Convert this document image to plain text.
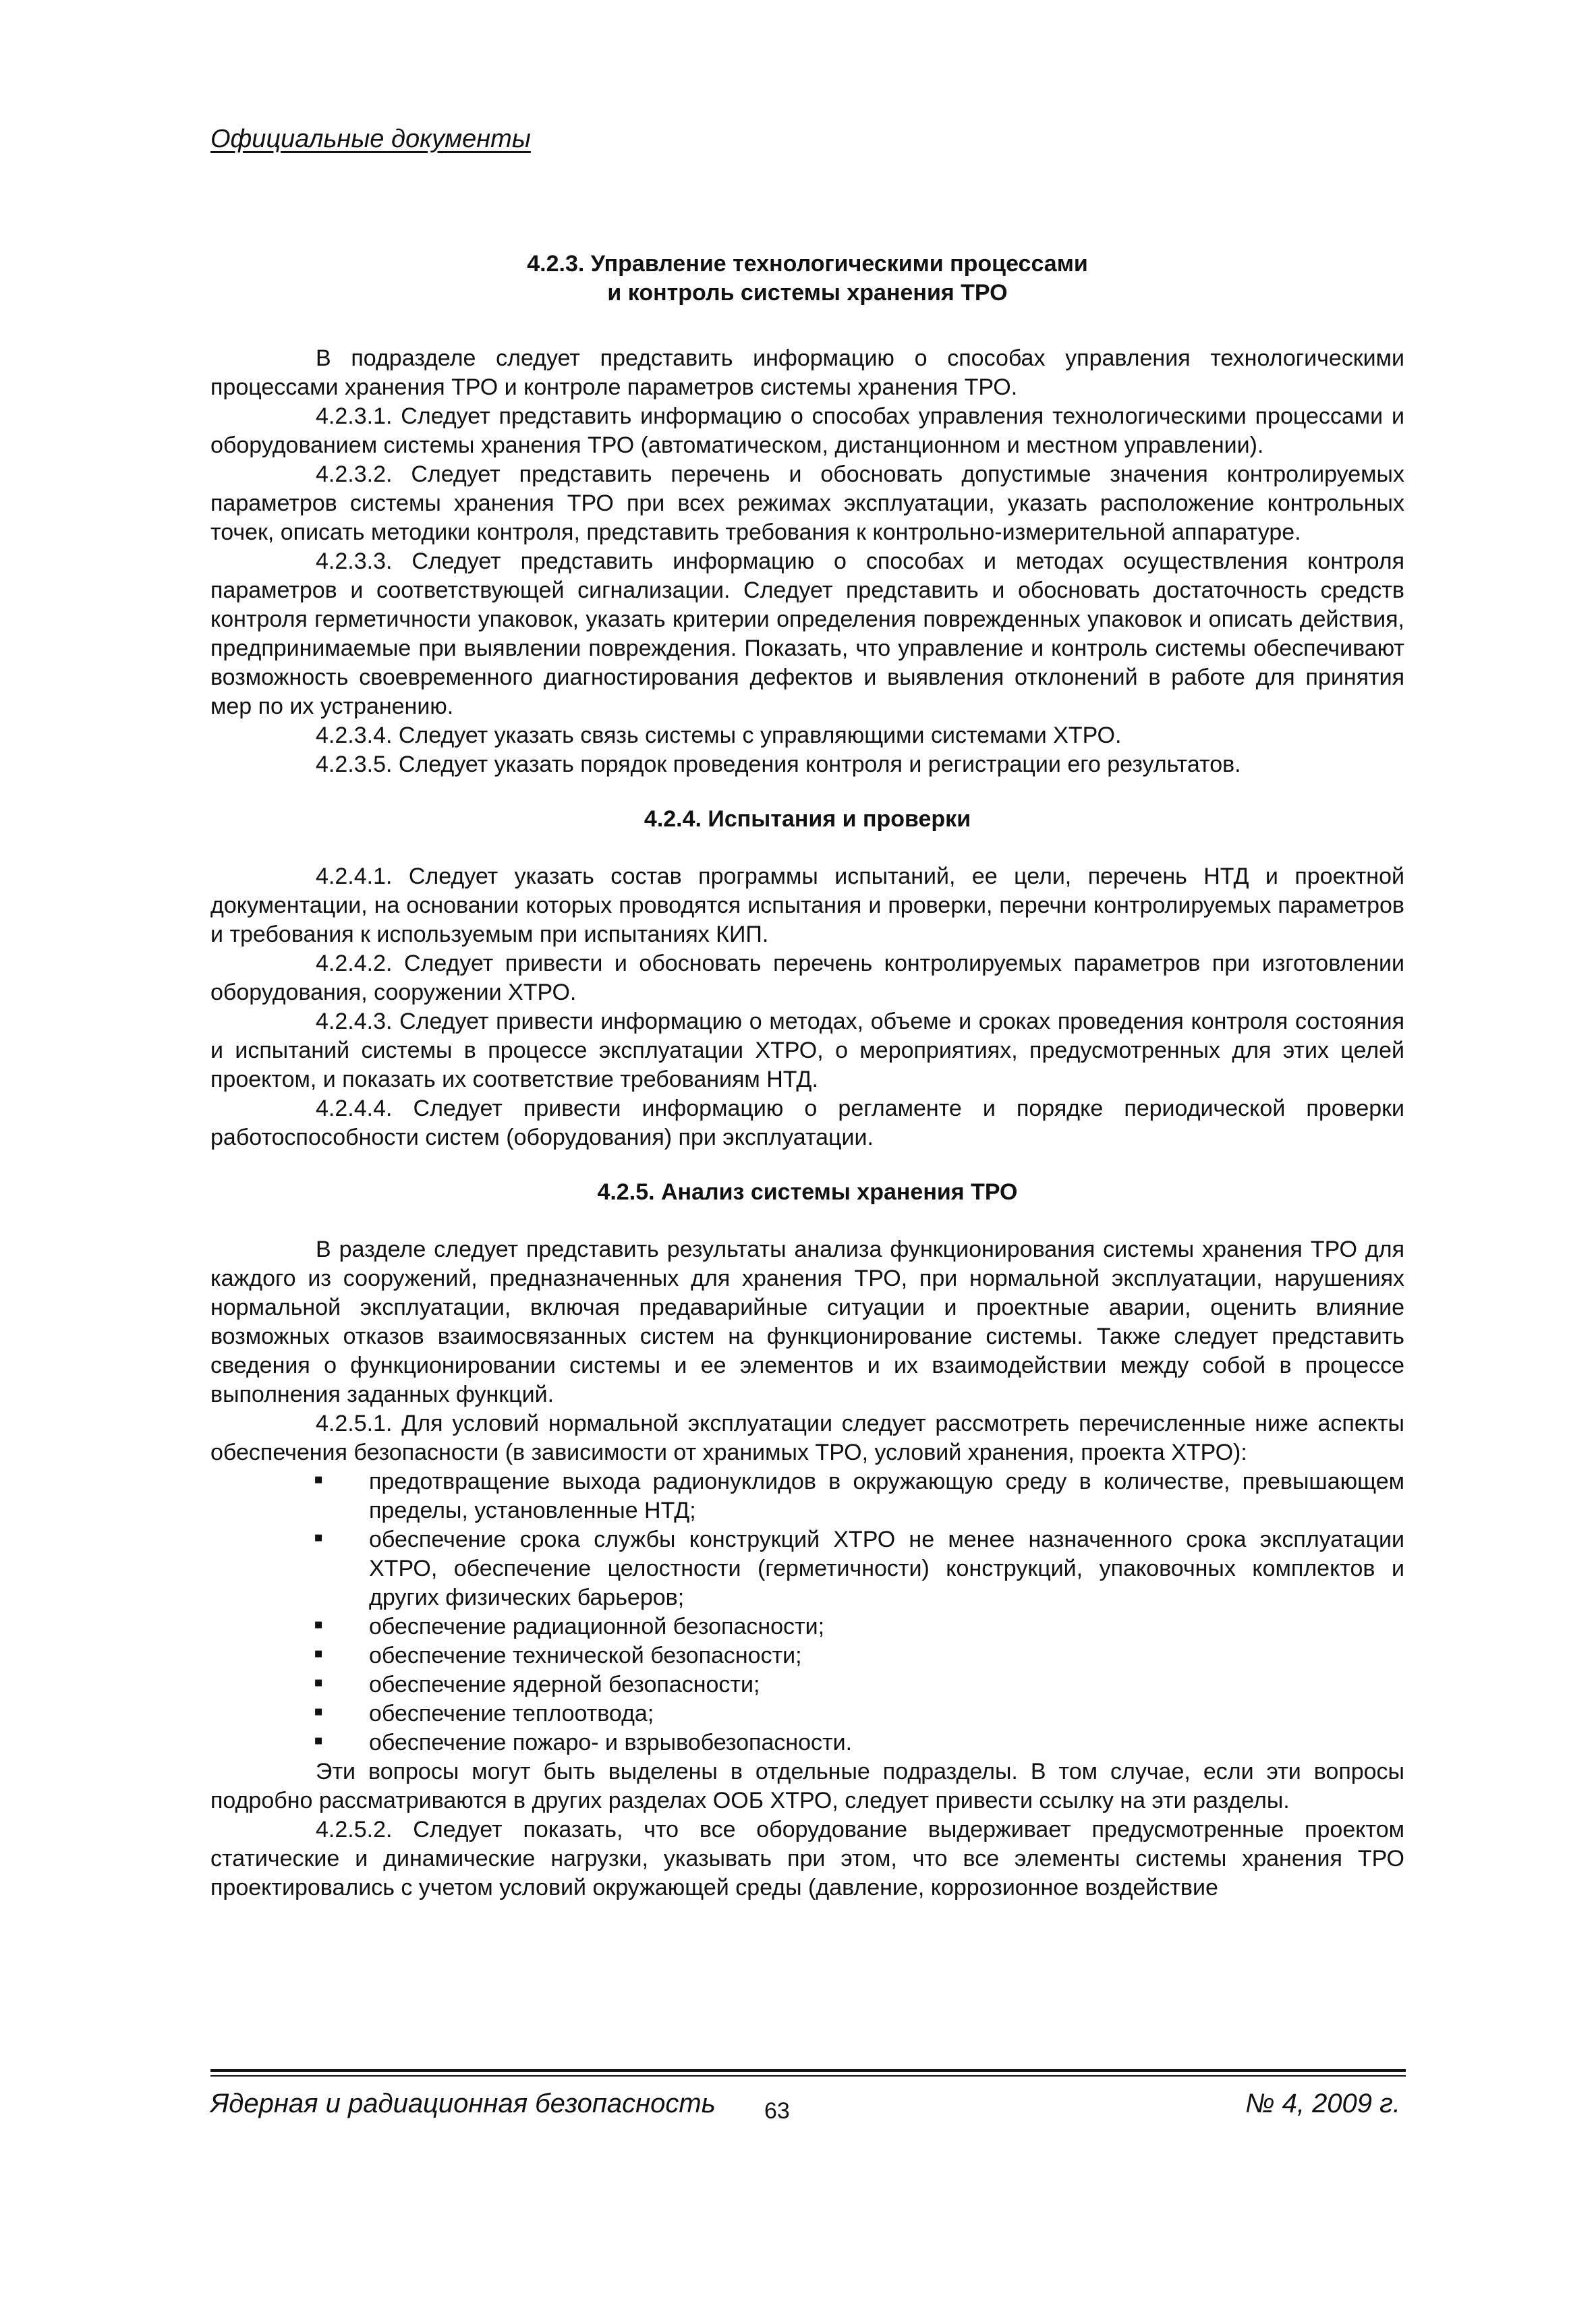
Официальные документы
4.2.3. Управление технологическими процессами
и контроль системы хранения ТРО

В подразделе следует представить информацию о способах управления технологическими процессами хранения ТРО и контроле параметров системы хранения ТРО.

4.2.3.1. Следует представить информацию о способах управления технологическими процессами и оборудованием системы хранения ТРО (автоматическом, дистанционном и местном управлении).

4.2.3.2. Следует представить перечень и обосновать допустимые значения контролируемых параметров системы хранения ТРО при всех режимах эксплуатации, указать расположение контрольных точек, описать методики контроля, представить требования к контрольно-измерительной аппаратуре.

4.2.3.3. Следует представить информацию о способах и методах осуществления контроля параметров и соответствующей сигнализации. Следует представить и обосновать достаточность средств контроля герметичности упаковок, указать критерии определения поврежденных упаковок и описать действия, предпринимаемые при выявлении повреждения. Показать, что управление и контроль системы обеспечивают возможность своевременного диагностирования дефектов и выявления отклонений в работе для принятия мер по их устранению.

4.2.3.4. Следует указать связь системы с управляющими системами ХТРО.

4.2.3.5. Следует указать порядок проведения контроля и регистрации его результатов.

4.2.4. Испытания и проверки

4.2.4.1. Следует указать состав программы испытаний, ее цели, перечень НТД и проектной документации, на основании которых проводятся испытания и проверки, перечни контролируемых параметров и требования к используемым при испытаниях КИП.

4.2.4.2. Следует привести и обосновать перечень контролируемых параметров при изготовлении оборудования, сооружении ХТРО.

4.2.4.3. Следует привести информацию о методах, объеме и сроках проведения контроля состояния и испытаний системы в процессе эксплуатации ХТРО, о мероприятиях, предусмотренных для этих целей проектом, и показать их соответствие требованиям НТД.

4.2.4.4. Следует привести информацию о регламенте и порядке периодической проверки работоспособности систем (оборудования) при эксплуатации.

4.2.5. Анализ системы хранения ТРО

В разделе следует представить результаты анализа функционирования системы хранения ТРО для каждого из сооружений, предназначенных для хранения ТРО, при нормальной эксплуатации, нарушениях нормальной эксплуатации, включая предаварийные ситуации и проектные аварии, оценить влияние возможных отказов взаимосвязанных систем на функционирование системы. Также следует представить сведения о функционировании системы и ее элементов и их взаимодействии между собой в процессе выполнения заданных функций.

4.2.5.1. Для условий нормальной эксплуатации следует рассмотреть перечисленные ниже аспекты обеспечения безопасности (в зависимости от хранимых ТРО, условий хранения, проекта ХТРО):

▪ предотвращение выхода радионуклидов в окружающую среду в количестве, превышающем пределы, установленные НТД;
▪ обеспечение срока службы конструкций ХТРО не менее назначенного срока эксплуатации ХТРО, обеспечение целостности (герметичности) конструкций, упаковочных комплектов и других физических барьеров;
▪ обеспечение радиационной безопасности;
▪ обеспечение технической безопасности;
▪ обеспечение ядерной безопасности;
▪ обеспечение теплоотвода;
▪ обеспечение пожаро- и взрывобезопасности.

Эти вопросы могут быть выделены в отдельные подразделы. В том случае, если эти вопросы подробно рассматриваются в других разделах ООБ ХТРО, следует привести ссылку на эти разделы.

4.2.5.2. Следует показать, что все оборудование выдерживает предусмотренные проектом статические и динамические нагрузки, указывать при этом, что все элементы системы хранения ТРО проектировались с учетом условий окружающей среды (давление, коррозионное воздействие

Ядерная и радиационная безопасность 63	№ 4, 2009 г.
